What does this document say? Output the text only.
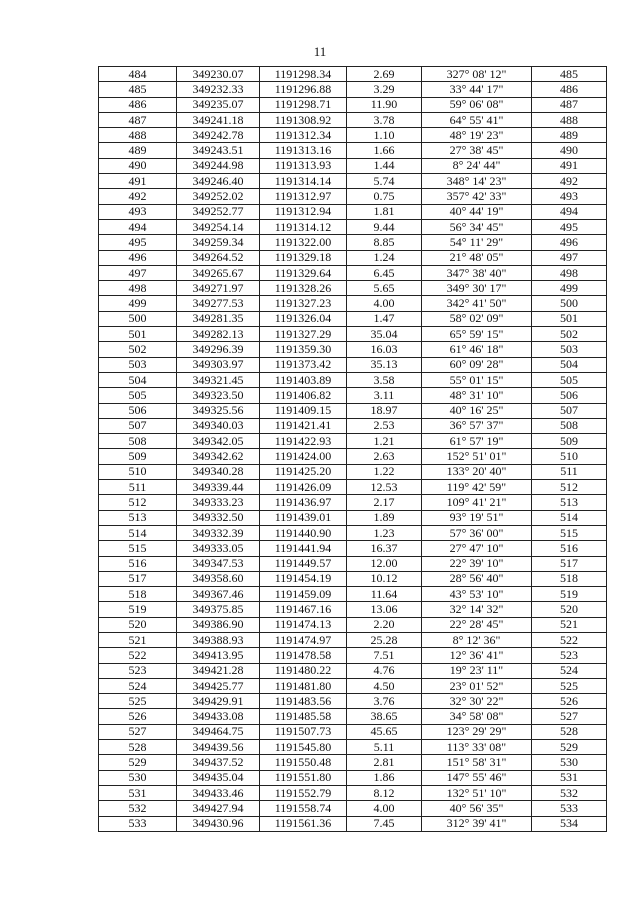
11
484	349230.07	1191298.34	2.69	327° 08' 12"	485
485	349232.33	1191296.88	3.29	33° 44' 17"	486
486	349235.07	1191298.71	11.90	59° 06' 08"	487
487	349241.18	1191308.92	3.78	64° 55' 41"	488
488	349242.78	1191312.34	1.10	48° 19' 23"	489
489	349243.51	1191313.16	1.66	27° 38' 45"	490
490	349244.98	1191313.93	1.44	8° 24' 44"	491
491	349246.40	1191314.14	5.74	348° 14' 23"	492
492	349252.02	1191312.97	0.75	357° 42' 33"	493
493	349252.77	1191312.94	1.81	40° 44' 19"	494
494	349254.14	1191314.12	9.44	56° 34' 45"	495
495	349259.34	1191322.00	8.85	54° 11' 29"	496
496	349264.52	1191329.18	1.24	21° 48' 05"	497
497	349265.67	1191329.64	6.45	347° 38' 40"	498
498	349271.97	1191328.26	5.65	349° 30' 17"	499
499	349277.53	1191327.23	4.00	342° 41' 50"	500
500	349281.35	1191326.04	1.47	58° 02' 09"	501
501	349282.13	1191327.29	35.04	65° 59' 15"	502
502	349296.39	1191359.30	16.03	61° 46' 18"	503
503	349303.97	1191373.42	35.13	60° 09' 28"	504
504	349321.45	1191403.89	3.58	55° 01' 15"	505
505	349323.50	1191406.82	3.11	48° 31' 10"	506
506	349325.56	1191409.15	18.97	40° 16' 25"	507
507	349340.03	1191421.41	2.53	36° 57' 37"	508
508	349342.05	1191422.93	1.21	61° 57' 19"	509
509	349342.62	1191424.00	2.63	152° 51' 01"	510
510	349340.28	1191425.20	1.22	133° 20' 40"	511
511	349339.44	1191426.09	12.53	119° 42' 59"	512
512	349333.23	1191436.97	2.17	109° 41' 21"	513
513	349332.50	1191439.01	1.89	93° 19' 51"	514
514	349332.39	1191440.90	1.23	57° 36' 00"	515
515	349333.05	1191441.94	16.37	27° 47' 10"	516
516	349347.53	1191449.57	12.00	22° 39' 10"	517
517	349358.60	1191454.19	10.12	28° 56' 40"	518
518	349367.46	1191459.09	11.64	43° 53' 10"	519
519	349375.85	1191467.16	13.06	32° 14' 32"	520
520	349386.90	1191474.13	2.20	22° 28' 45"	521
521	349388.93	1191474.97	25.28	8° 12' 36"	522
522	349413.95	1191478.58	7.51	12° 36' 41"	523
523	349421.28	1191480.22	4.76	19° 23' 11"	524
524	349425.77	1191481.80	4.50	23° 01' 52"	525
525	349429.91	1191483.56	3.76	32° 30' 22"	526
526	349433.08	1191485.58	38.65	34° 58' 08"	527
527	349464.75	1191507.73	45.65	123° 29' 29"	528
528	349439.56	1191545.80	5.11	113° 33' 08"	529
529	349437.52	1191550.48	2.81	151° 58' 31"	530
530	349435.04	1191551.80	1.86	147° 55' 46"	531
531	349433.46	1191552.79	8.12	132° 51' 10"	532
532	349427.94	1191558.74	4.00	40° 56' 35"	533
533	349430.96	1191561.36	7.45	312° 39' 41"	534
